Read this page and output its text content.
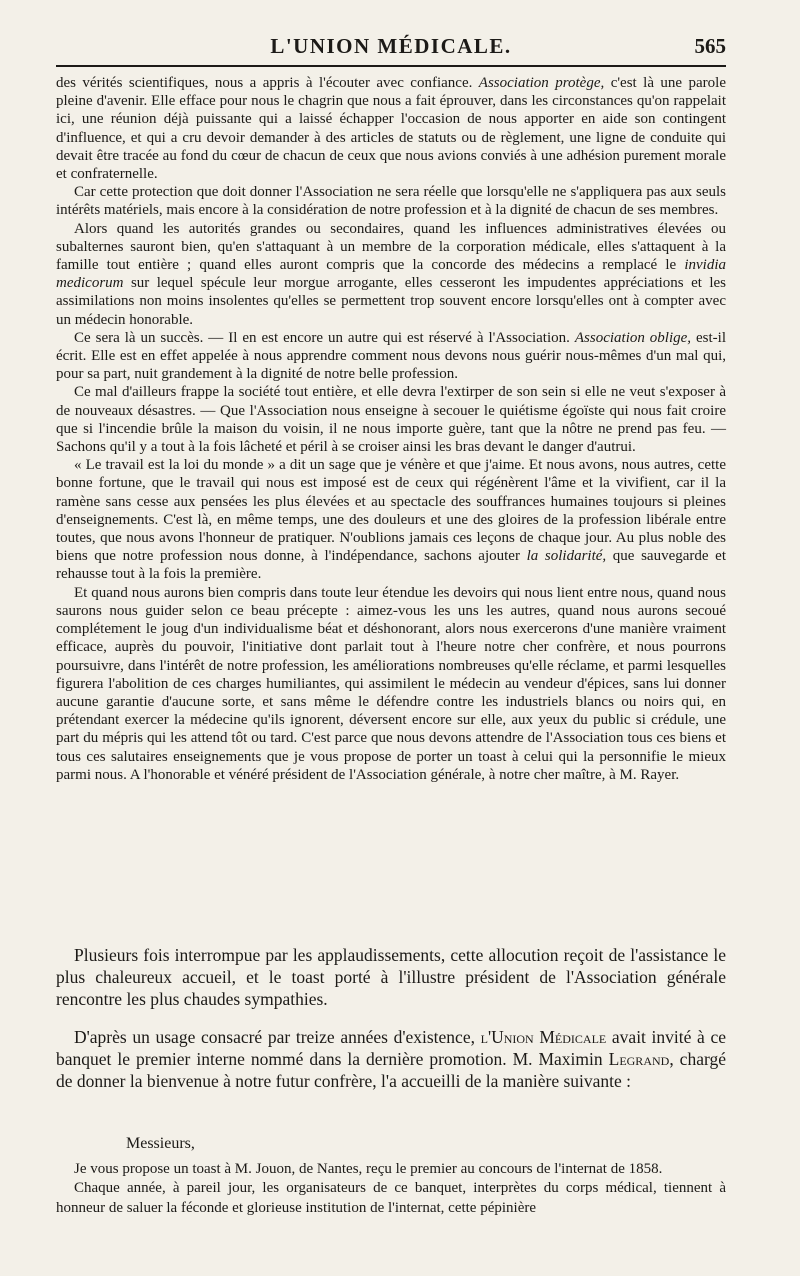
L'UNION MÉDICALE.	565

des vérités scientifiques, nous a appris à l'écouter avec confiance. Association protège, c'est là une parole pleine d'avenir. Elle efface pour nous le chagrin que nous a fait éprouver, dans les circonstances qu'on rappelait ici, une réunion déjà puissante qui a laissé échapper l'occasion de nous apporter en aide son contingent d'influence, et qui a cru devoir demander à des articles de statuts ou de règlement, une ligne de conduite qui devait être tracée au fond du cœur de chacun de ceux que nous avions conviés à une adhésion purement morale et confraternelle.

Car cette protection que doit donner l'Association ne sera réelle que lorsqu'elle ne s'appliquera pas aux seuls intérêts matériels, mais encore à la considération de notre profession et à la dignité de chacun de ses membres.

Alors quand les autorités grandes ou secondaires, quand les influences administratives élevées ou subalternes sauront bien, qu'en s'attaquant à un membre de la corporation médicale, elles s'attaquent à la famille tout entière ; quand elles auront compris que la concorde des médecins a remplacé le invidia medicorum sur lequel spécule leur morgue arrogante, elles cesseront les impudentes appréciations et les assimilations non moins insolentes qu'elles se permettent trop souvent encore lorsqu'elles ont à compter avec un médecin honorable.

Ce sera là un succès. — Il en est encore un autre qui est réservé à l'Association. Association oblige, est-il écrit. Elle est en effet appelée à nous apprendre comment nous devons nous guérir nous-mêmes d'un mal qui, pour sa part, nuit grandement à la dignité de notre belle profession.

Ce mal d'ailleurs frappe la société tout entière, et elle devra l'extirper de son sein si elle ne veut s'exposer à de nouveaux désastres. — Que l'Association nous enseigne à secouer le quiétisme égoïste qui nous fait croire que si l'incendie brûle la maison du voisin, il ne nous importe guère, tant que la nôtre ne prend pas feu. — Sachons qu'il y a tout à la fois lâcheté et péril à se croiser ainsi les bras devant le danger d'autrui.

« Le travail est la loi du monde » a dit un sage que je vénère et que j'aime. Et nous avons, nous autres, cette bonne fortune, que le travail qui nous est imposé est de ceux qui régénèrent l'âme et la vivifient, car il la ramène sans cesse aux pensées les plus élevées et au spectacle des souffrances humaines toujours si pleines d'enseignements. C'est là, en même temps, une des douleurs et une des gloires de la profession libérale entre toutes, que nous avons l'honneur de pratiquer. N'oublions jamais ces leçons de chaque jour. Au plus noble des biens que notre profession nous donne, à l'indépendance, sachons ajouter la solidarité, que sauvegarde et rehausse tout à la fois la première.

Et quand nous aurons bien compris dans toute leur étendue les devoirs qui nous lient entre nous, quand nous saurons nous guider selon ce beau précepte : aimez-vous les uns les autres, quand nous aurons secoué complétement le joug d'un individualisme béat et déshonorant, alors nous exercerons d'une manière vraiment efficace, auprès du pouvoir, l'initiative dont parlait tout à l'heure notre cher confrère, et nous pourrons poursuivre, dans l'intérêt de notre profession, les améliorations nombreuses qu'elle réclame, et parmi lesquelles figurera l'abolition de ces charges humiliantes, qui assimilent le médecin au vendeur d'épices, sans lui donner aucune garantie d'aucune sorte, et sans même le défendre contre les industriels blancs ou noirs qui, en prétendant exercer la médecine qu'ils ignorent, déversent encore sur elle, aux yeux du public si crédule, une part du mépris qui les attend tôt ou tard. C'est parce que nous devons attendre de l'Association tous ces biens et tous ces salutaires enseignements que je vous propose de porter un toast à celui qui la personnifie le mieux parmi nous. A l'honorable et vénéré président de l'Association générale, à notre cher maître, à M. Rayer.

Plusieurs fois interrompue par les applaudissements, cette allocution reçoit de l'assistance le plus chaleureux accueil, et le toast porté à l'illustre président de l'Association générale rencontre les plus chaudes sympathies.

D'après un usage consacré par treize années d'existence, l'Union Médicale avait invité à ce banquet le premier interne nommé dans la dernière promotion. M. Maximin Legrand, chargé de donner la bienvenue à notre futur confrère, l'a accueilli de la manière suivante :

Messieurs,

Je vous propose un toast à M. Jouon, de Nantes, reçu le premier au concours de l'internat de 1858.

Chaque année, à pareil jour, les organisateurs de ce banquet, interprètes du corps médical, tiennent à honneur de saluer la féconde et glorieuse institution de l'internat, cette pépinière
